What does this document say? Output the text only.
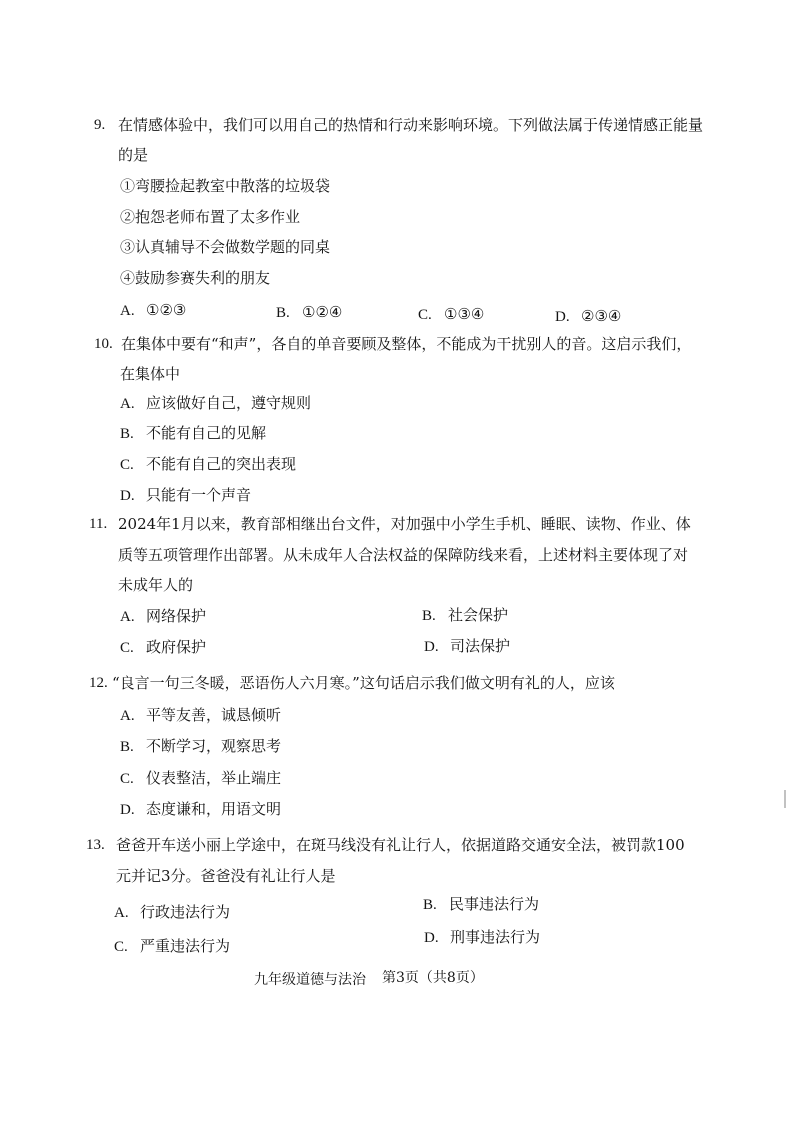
9. 在情感体验中，我们可以用自己的热情和行动来影响环境。下列做法属于传递情感正能量
的是
①弯腰捡起教室中散落的垃圾袋
②抱怨老师布置了太多作业
③认真辅导不会做数学题的同桌
④鼓励参赛失利的朋友
A. ①②③	B. ①②④	C. ①③④	D. ②③④
10. 在集体中要有“和声”，各自的单音要顾及整体，不能成为干扰别人的音。这启示我们，
在集体中
A. 应该做好自己，遵守规则
B. 不能有自己的见解
C. 不能有自己的突出表现
D. 只能有一个声音
11. 2024年1月以来，教育部相继出台文件，对加强中小学生手机、睡眠、读物、作业、体
质等五项管理作出部署。从未成年人合法权益的保障防线来看，上述材料主要体现了对
未成年人的
A. 网络保护	B. 社会保护
C. 政府保护	D. 司法保护
12. “良言一句三冬暖，恶语伤人六月寒。”这句话启示我们做文明有礼的人，应该
A. 平等友善，诚恳倾听
B. 不断学习，观察思考
C. 仪表整洁，举止端庄
D. 态度谦和，用语文明
13. 爸爸开车送小丽上学途中，在斑马线没有礼让行人，依据道路交通安全法，被罚款100
元并记3分。爸爸没有礼让行人是
A. 行政违法行为	B. 民事违法行为
C. 严重违法行为	D. 刑事违法行为
九年级道德与法治 第3页（共8页）
